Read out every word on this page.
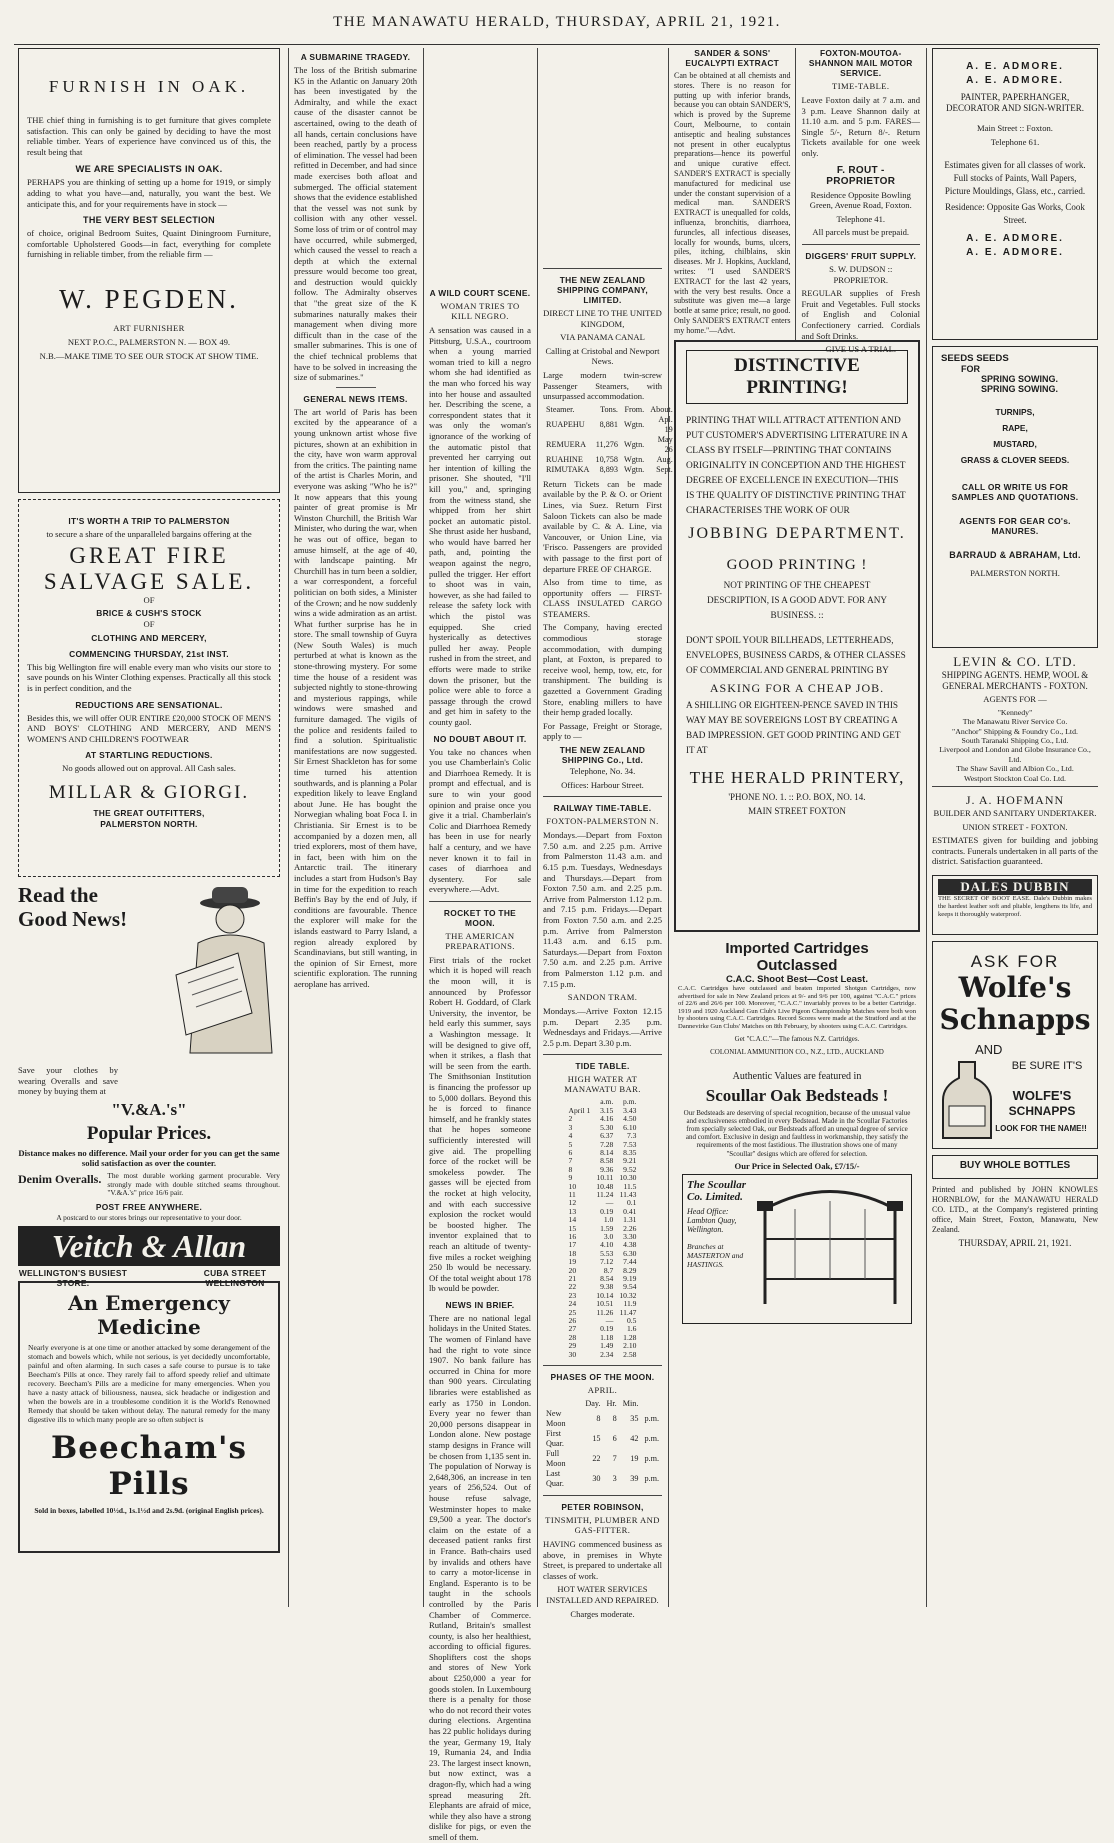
THE MANAWATU HERALD, THURSDAY, APRIL 21, 1921.
FURNISH IN OAK.

THE chief thing in furnishing is to get furniture that gives complete satisfaction. This can only be gained by deciding to have the most reliable timber. Years of experience have convinced us of this, the result being that

WE ARE SPECIALISTS IN OAK.

PERHAPS you are thinking of setting up a home for 1919, or simply adding to what you have—and, naturally, you want the best. We anticipate this, and for your requirements have in stock —

THE VERY BEST SELECTION

of choice, original Bedroom Suites, Quaint Diningroom Furniture, comfortable Upholstered Goods—in fact, everything for complete furnishing in reliable timber, from the reliable firm —

W. PEGDEN.
ART FURNISHER
NEXT P.O.C., PALMERSTON N. — BOX 49.
N.B.—MAKE TIME TO SEE OUR STOCK AT SHOW TIME.
IT'S WORTH A TRIP TO PALMERSTON
to secure a share of the unparalleled bargains offering at the
GREAT FIRE
SALVAGE SALE.
OF
BRICE & CUSH'S STOCK
OF
CLOTHING AND MERCERY,
COMMENCING THURSDAY, 21st INST.

This big Wellington fire will enable every man who visits our store to save pounds on his Winter Clothing expenses. Practically all this stock is in perfect condition, and the

REDUCTIONS ARE SENSATIONAL.

Besides this, we will offer OUR ENTIRE £20,000 STOCK OF MEN'S AND BOYS' CLOTHING AND MERCERY, AND MEN'S WOMEN'S AND CHILDREN'S FOOTWEAR

AT STARTLING REDUCTIONS.
No goods allowed out on approval. All Cash sales.
MILLAR & GIORGI.
THE GREAT OUTFITTERS,
PALMERSTON NORTH.
Read the
Good News!

Save your clothes by wearing Overalls and save money by buying them at

"V.&A.'s"
Popular Prices.

Distance makes no difference. Mail your order for you can get the same solid satisfaction as over the counter.

Denim Overalls. The most durable working garment procurable. Very strongly made with double stitched seams throughout. "V.&A.'s" price 16/6 pair.

POST FREE ANYWHERE.
A postcard to our stores brings our representative to your door.
Veitch & Allan
WELLINGTON'S BUSIEST STORE.
CUBA STREET WELLINGTON
An Emergency Medicine

Nearly everyone is at one time or another attacked by some derangement of the stomach and bowels which, while not serious, is yet decidedly uncomfortable, painful and often alarming. In such cases a safe course to pursue is to take Beecham's Pills at once. They rarely fail to afford speedy relief and ultimate recovery. Beecham's Pills are a medicine for many emergencies. When you have a nasty attack of biliousness, nausea, sick headache or indigestion and when the bowels are in a troublesome condition it is the World's Renowned Remedy that should be taken without delay. The natural remedy for the many digestive ills to which many people are so often subject is

Beecham's Pills
Sold in boxes, labelled 10½d., 1s.1½d and 2s.9d. (original English prices).
A SUBMARINE TRAGEDY.

The loss of the British submarine K5 in the Atlantic on January 20th has been investigated by the Admiralty, and while the exact cause of the disaster cannot be ascertained, owing to the death of all hands, certain conclusions have been reached, partly by a process of elimination. The vessel had been refitted in December, and had since made exercises both afloat and submerged. The official statement shows that the evidence established that the vessel was not sunk by collision with any other vessel. Some loss of trim or of control may have occurred, while submerged, which caused the vessel to reach a depth at which the external pressure would become too great, and destruction would quickly follow. The Admiralty observes that "the great size of the K submarines naturally makes their management when diving more difficult than in the case of the smaller submarines. This is one of the chief technical problems that have to be solved in increasing the size of submarines."

GENERAL NEWS ITEMS.

The art world of Paris has been excited by the appearance of a young unknown artist whose five pictures, shown at an exhibition in the city, have won warm approval from the critics. The painting name of the artist is Charles Morin, and everyone was asking "Who he is?" It now appears that this young painter of great promise is Mr Winston Churchill, the British War Minister, who during the war, when he was out of office, began to amuse himself, at the age of 40, with landscape painting. Mr Churchill has in turn been a soldier, a war correspondent, a forceful politician on both sides, a Minister of the Crown; and he now suddenly wins a wide admiration as an artist. What further surprise has he in store. The small township of Guyra (New South Wales) is much perturbed at what is known as the stone-throwing mystery. For some time the house of a resident was subjected nightly to stone-throwing and mysterious rappings, while windows were smashed and furniture damaged. The vigils of the police and residents failed to find a solution. Spiritualistic manifestations are now suggested. Sir Ernest Shackleton has for some time turned his attention southwards, and is planning a Polar expedition likely to leave England about June. He has bought the Norwegian whaling boat Foca I. in Christiania. Sir Ernest is to be accompanied by a dozen men, all tried explorers, most of them have, in fact, been with him on the Antarctic trail. The itinerary includes a start from Hudson's Bay in time for the expedition to reach Beffin's Bay by the end of July, if conditions are favourable. Thence the explorer will make for the islands eastward to Parry Island, a region already explored by Scandinavians, but still wanting, in the opinion of Sir Ernest, more scientific exploration. The running aeroplane has arrived.

A WILD COURT SCENE.
WOMAN TRIES TO KILL NEGRO.

A sensation was caused in a Pittsburg, U.S.A., courtroom when a young married woman tried to kill a negro whom she had identified as the man who forced his way into her house and assaulted her. Describing the scene, a correspondent states that it was only the woman's ignorance of the working of the automatic pistol that prevented her carrying out her intention of killing the prisoner. She shouted, "I'll kill you," and, springing from the witness stand, she whipped from her shirt pocket an automatic pistol. She thrust aside her husband, who would have barred her path, and, pointing the weapon against the negro, pulled the trigger. Her effort to shoot was in vain, however, as she had failed to release the safety lock with which the pistol was equipped. She cried hysterically as detectives pulled her away. People rushed in from the street, and efforts were made to strike down the prisoner, but the police were able to force a passage through the crowd and get him in safety to the county gaol.

NO DOUBT ABOUT IT.

You take no chances when you use Chamberlain's Colic and Diarrhoea Remedy. It is prompt and effectual, and is sure to win your good opinion and praise once you give it a trial. Chamberlain's Colic and Diarrhoea Remedy has been in use for nearly half a century, and we have never known it to fail in cases of diarrhoea and dysentery. For sale everywhere.—Advt.

ROCKET TO THE MOON.
THE AMERICAN PREPARATIONS.

First trials of the rocket which it is hoped will reach the moon will, it is announced by Professor Robert H. Goddard, of Clark University, the inventor, be held early this summer, says a Washington message. It will be designed to give off, when it strikes, a flash that will be seen from the earth. The Smithsonian Institution is financing the professor up to 5,000 dollars. Beyond this he is forced to finance himself, and he frankly states that he hopes someone sufficiently interested will give aid. The propelling force of the rocket will be smokeless powder. The gasses will be ejected from the rocket at high velocity, and with each successive explosion the rocket would be boosted higher. The inventor explained that to reach an altitude of twenty-five miles a rocket weighing 250 lb would be necessary. Of the total weight about 178 lb would be powder.

NEWS IN BRIEF.

There are no national legal holidays in the United States. The women of Finland have had the right to vote since 1907. No bank failure has occurred in China for more than 900 years. Circulating libraries were established as early as 1750 in London. Every year no fewer than 20,000 persons disappear in London alone. New postage stamp designs in France will be chosen from 1,135 sent in. The population of Norway is 2,648,306, an increase in ten years of 256,524. Out of house refuse salvage, Westminster hopes to make £9,500 a year. The doctor's claim on the estate of a deceased patient ranks first in France. Bath-chairs used by invalids and others have to carry a motor-license in England. Esperanto is to be taught in the schools controlled by the Paris Chamber of Commerce. Rutland, Britain's smallest county, is also her healthiest, according to official figures. Shoplifters cost the shops and stores of New York about £250,000 a year for goods stolen. In Luxembourg there is a penalty for those who do not record their votes during elections. Argentina has 22 public holidays during the year, Germany 19, Italy 19, Rumania 24, and India 23. The largest insect known, but now extinct, was a dragon-fly, which had a wing spread measuring 2ft. Elephants are afraid of mice, while they also have a strong dislike for pigs, or even the smell of them.

THE NEW ZEALAND SHIPPING COMPANY, LIMITED.
DIRECT LINE TO THE UNITED KINGDOM,
VIA PANAMA CANAL
Calling at Cristobal and Newport News.

Large modern twin-screw Passenger Steamers, with unsurpassed accommodation.

Steamer.	Tons.	From.	About.
RUAPEHU	8,881	Wgtn.	Apl. 19
REMUERA	11,276	Wgtn.	May 26
RUAHINE	10,758	Wgtn.	Aug.
RIMUTAKA	8,893	Wgtn.	Sept.

Return Tickets can be made available by the P. & O. or Orient Lines, via Suez. Return First Saloon Tickets can also be made available by C. & A. Line, via Vancouver, or Union Line, via 'Frisco. Passengers are provided with passage to the first port of departure FREE OF CHARGE.

Also from time to time, as opportunity offers — FIRST-CLASS INSULATED CARGO STEAMERS.

The Company, having erected commodious storage accommodation, with dumping plant, at Foxton, is prepared to receive wool, hemp, tow, etc, for transhipment. The building is gazetted a Government Grading Store, enabling millers to have their hemp graded locally.

For Passage, Freight or Storage, apply to —

THE NEW ZEALAND SHIPPING Co., Ltd.
Telephone, No. 34.
Offices: Harbour Street.
RAILWAY TIME-TABLE.
FOXTON-PALMERSTON N.

Mondays.—Depart from Foxton 7.50 a.m. and 2.25 p.m. Arrive from Palmerston 11.43 a.m. and 6.15 p.m. Tuesdays, Wednesdays and Thursdays.—Depart from Foxton 7.50 a.m. and 2.25 p.m. Arrive from Palmerston 1.12 p.m. and 7.15 p.m. Fridays.—Depart from Foxton 7.50 a.m. and 2.25 p.m. Arrive from Palmerston 11.43 a.m. and 6.15 p.m. Saturdays.—Depart from Foxton 7.50 a.m. and 2.25 p.m. Arrive from Palmerston 1.12 p.m. and 7.15 p.m.

SANDON TRAM.

Mondays.—Arrive Foxton 12.15 p.m. Depart 2.35 p.m. Wednesdays and Fridays.—Arrive 2.5 p.m. Depart 3.30 p.m.

TIDE TABLE.
HIGH WATER AT MANAWATU BAR.
	a.m.	p.m.
April 1	3.15	3.43
2	4.16	4.50
3	5.30	6.10
4	6.37	7.3
5	7.28	7.53
6	8.14	8.35
7	8.58	9.21
8	9.36	9.52
9	10.11	10.30
10	10.48	11.5
11	11.24	11.43
12	—	0.1
13	0.19	0.41
14	1.0	1.31
15	1.59	2.26
16	3.0	3.30
17	4.10	4.38
18	5.53	6.30
19	7.12	7.44
20	8.7	8.29
21	8.54	9.19
22	9.38	9.54
23	10.14	10.32
24	10.51	11.9
25	11.26	11.47
26	—	0.5
27	0.19	1.6
28	1.18	1.28
29	1.49	2.10
30	2.34	2.58
PHASES OF THE MOON.
APRIL.
	Day.	Hr.	Min.	
New Moon	8	8	35	p.m.
First Quar.	15	6	42	p.m.
Full Moon	22	7	19	p.m.
Last Quar.	30	3	39	p.m.
PETER ROBINSON,
TINSMITH, PLUMBER AND GAS-FITTER.

HAVING commenced business as above, in premises in Whyte Street, is prepared to undertake all classes of work.

HOT WATER SERVICES INSTALLED AND REPAIRED.
Charges moderate.
SANDER & SONS' EUCALYPTI EXTRACT

Can be obtained at all chemists and stores. There is no reason for putting up with inferior brands, because you can obtain SANDER'S, which is proved by the Supreme Court, Melbourne, to contain antiseptic and healing substances not present in other eucalyptus preparations—hence its powerful and unique curative effect. SANDER'S EXTRACT is specially manufactured for medicinal use under the constant supervision of a medical man. SANDER'S EXTRACT is unequalled for colds, influenza, bronchitis, diarrhoea, furuncles, all infectious diseases, locally for wounds, burns, ulcers, piles, itching, chilblains, skin diseases. Mr J. Hopkins, Auckland, writes: "I used SANDER'S EXTRACT for the last 42 years, with the very best results. Once a substitute was given me—a large bottle at same price; result, no good. Only SANDER'S EXTRACT enters my home."—Advt.

FOXTON-MOUTOA-SHANNON MAIL MOTOR SERVICE.
TIME-TABLE.

Leave Foxton daily at 7 a.m. and 3 p.m. Leave Shannon daily at 11.10 a.m. and 5 p.m. FARES—Single 5/-, Return 8/-. Return Tickets available for one week only.

F. ROUT - PROPRIETOR
Residence Opposite Bowling Green, Avenue Road, Foxton.
Telephone 41.
All parcels must be prepaid.
DIGGERS' FRUIT SUPPLY.
S. W. DUDSON :: PROPRIETOR.

REGULAR supplies of Fresh Fruit and Vegetables. Full stocks of English and Colonial Confectionery carried. Cordials and Soft Drinks.

GIVE US A TRIAL.
DISTINCTIVE PRINTING!

PRINTING THAT WILL ATTRACT ATTENTION AND PUT CUSTOMER'S ADVERTISING LITERATURE IN A CLASS BY ITSELF—PRINTING THAT CONTAINS ORIGINALITY IN CONCEPTION AND THE HIGHEST DEGREE OF EXCELLENCE IN EXECUTION—THIS IS THE QUALITY OF DISTINCTIVE PRINTING THAT CHARACTERISES THE WORK OF OUR

JOBBING DEPARTMENT.
GOOD PRINTING !

NOT PRINTING OF THE CHEAPEST DESCRIPTION, IS A GOOD ADVT. FOR ANY BUSINESS. ::

DON'T SPOIL YOUR BILLHEADS, LETTERHEADS, ENVELOPES, BUSINESS CARDS, & OTHER CLASSES OF COMMERCIAL AND GENERAL PRINTING BY

ASKING FOR A CHEAP JOB.

A SHILLING OR EIGHTEEN-PENCE SAVED IN THIS WAY MAY BE SOVEREIGNS LOST BY CREATING A BAD IMPRESSION. GET GOOD PRINTING AND GET IT AT

THE HERALD PRINTERY,
'PHONE NO. 1. :: P.O. BOX, NO. 14.
MAIN STREET FOXTON
Imported Cartridges
Outclassed
C.A.C. Shoot Best—Cost Least.

C.A.C. Cartridges have outclassed and beaten imported Shotgun Cartridges, now advertised for sale in New Zealand prices at 9/- and 9/6 per 100, against "C.A.C." prices of 22/6 and 26/6 per 100. Moreover, "C.A.C." invariably proves to be a better Cartridge. 1919 and 1920 Auckland Gun Club's Live Pigeon Championship Matches were both won by shooters using C.A.C. Cartridges. Record Scores were made at the Stratford and at the Dannevirke Gun Clubs' Matches on 8th February, by shooters using C.A.C. Cartridges.

Get "C.A.C."—The famous N.Z. Cartridges.
COLONIAL AMMUNITION CO., N.Z., LTD., AUCKLAND
Authentic Values are featured in
Scoullar Oak Bedsteads !

Our Bedsteads are deserving of special recognition, because of the unusual value and exclusiveness embodied in every Bedstead. Made in the Scoullar Factories from specially selected Oak, our Bedsteads afford an unequal degree of service and comfort. Exclusive in design and faultless in workmanship, they satisfy the requirements of the most fastidious. The illustration shows one of many "Scoullar" designs which are offered for selection.

Our Price in Selected Oak, £7/15/-
The Scoullar Co. Limited.
Head Office: Lambton Quay, Wellington.
Branches at MASTERTON and HASTINGS.
A. E. ADMORE.
A. E. ADMORE.
PAINTER, PAPERHANGER, DECORATOR AND SIGN-WRITER.
Main Street :: Foxton.
Telephone 61.

Estimates given for all classes of work. Full stocks of Paints, Wall Papers, Picture Mouldings, Glass, etc., carried.

Residence: Opposite Gas Works, Cook Street.

A. E. ADMORE.
A. E. ADMORE.
SEEDS SEEDS
FOR
SPRING SOWING.
SPRING SOWING.
TURNIPS,
RAPE,
MUSTARD,
GRASS & CLOVER SEEDS.
CALL OR WRITE US FOR SAMPLES AND QUOTATIONS.
AGENTS FOR GEAR CO's. MANURES.
BARRAUD & ABRAHAM, Ltd.
PALMERSTON NORTH.
LEVIN & CO. LTD.
SHIPPING AGENTS. HEMP, WOOL & GENERAL MERCHANTS - FOXTON.
AGENTS FOR —
"Kennedy"
The Manawatu River Service Co.
"Anchor" Shipping & Foundry Co., Ltd.
South Taranaki Shipping Co., Ltd.
Liverpool and London and Globe Insurance Co., Ltd.
The Shaw Savill and Albion Co., Ltd.
Westport Stockton Coal Co. Ltd.
J. A. HOFMANN
BUILDER AND SANITARY UNDERTAKER.
UNION STREET - FOXTON.

ESTIMATES given for building and jobbing contracts. Funerals undertaken in all parts of the district. Satisfaction guaranteed.

DALES DUBBIN

THE SECRET OF BOOT EASE. Dale's Dubbin makes the hardest leather soft and pliable, lengthens its life, and keeps it thoroughly waterproof.

ASK FOR
Wolfe's
Schnapps
AND
BE SURE IT'S
WOLFE'S
SCHNAPPS
LOOK FOR THE NAME!!
BUY WHOLE BOTTLES

Printed and published by JOHN KNOWLES HORNBLOW, for the MANAWATU HERALD CO. LTD., at the Company's registered printing office, Main Street, Foxton, Manawatu, New Zealand.

THURSDAY, APRIL 21, 1921.
